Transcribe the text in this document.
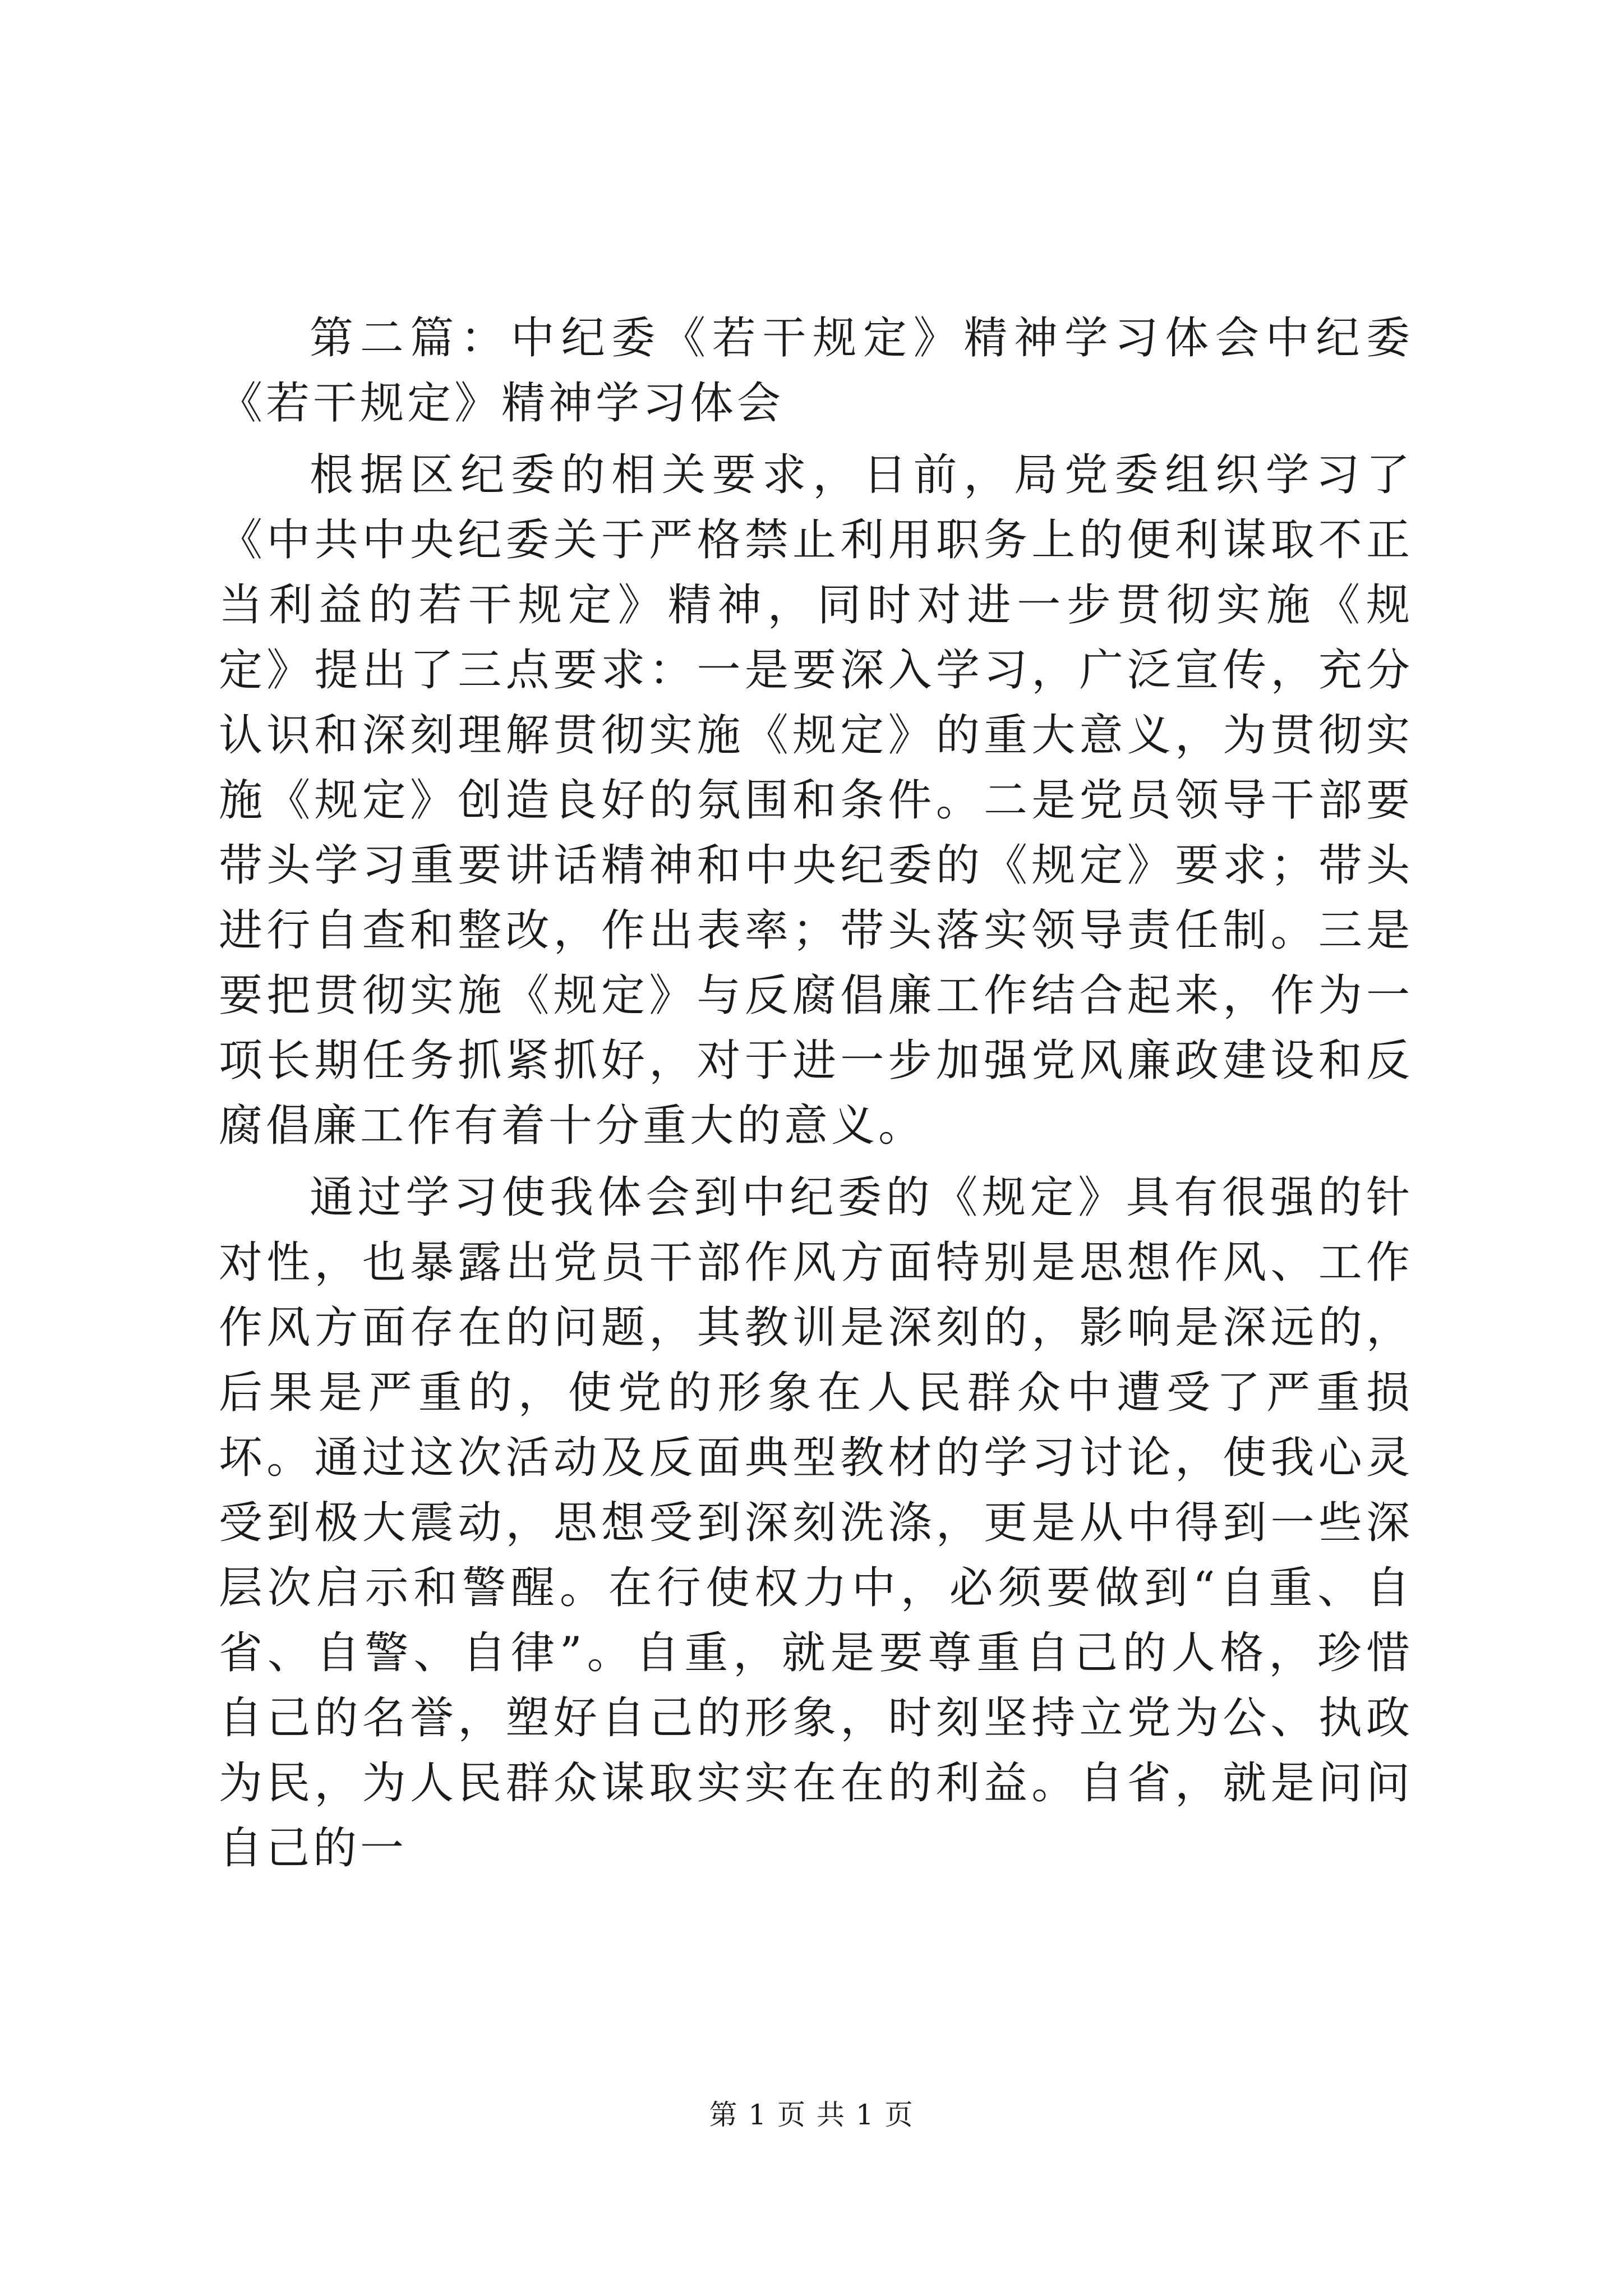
第二篇：中纪委《若干规定》精神学习体会中纪委《若干规定》精神学习体会

根据区纪委的相关要求，日前，局党委组织学习了《中共中央纪委关于严格禁止利用职务上的便利谋取不正当利益的若干规定》精神，同时对进一步贯彻实施《规定》提出了三点要求：一是要深入学习，广泛宣传，充分认识和深刻理解贯彻实施《规定》的重大意义，为贯彻实施《规定》创造良好的氛围和条件。二是党员领导干部要带头学习重要讲话精神和中央纪委的《规定》要求；带头进行自查和整改，作出表率；带头落实领导责任制。三是要把贯彻实施《规定》与反腐倡廉工作结合起来，作为一项长期任务抓紧抓好，对于进一步加强党风廉政建设和反腐倡廉工作有着十分重大的意义。

通过学习使我体会到中纪委的《规定》具有很强的针对性，也暴露出党员干部作风方面特别是思想作风、工作作风方面存在的问题，其教训是深刻的，影响是深远的，后果是严重的，使党的形象在人民群众中遭受了严重损坏。通过这次活动及反面典型教材的学习讨论，使我心灵受到极大震动，思想受到深刻洗涤，更是从中得到一些深层次启示和警醒。在行使权力中，必须要做到“自重、自省、自警、自律”。自重，就是要尊重自己的人格，珍惜自己的名誉，塑好自己的形象，时刻坚持立党为公、执政为民，为人民群众谋取实实在在的利益。自省，就是问问自己的一

第 1 页 共 1 页
